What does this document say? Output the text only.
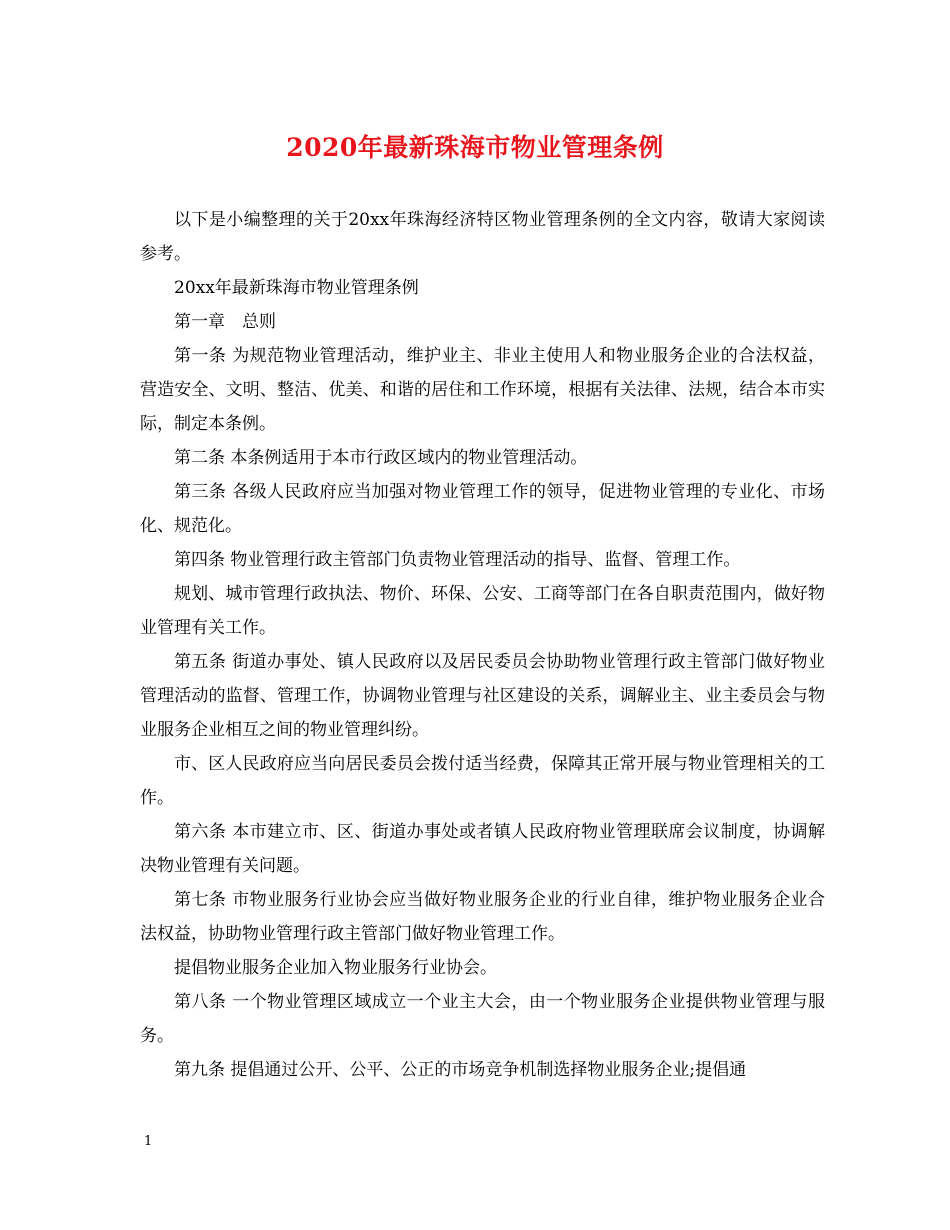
2020年最新珠海市物业管理条例

以下是小编整理的关于20xx年珠海经济特区物业管理条例的全文内容，敬请大家阅读参考。

20xx年最新珠海市物业管理条例

第一章　总则

第一条 为规范物业管理活动，维护业主、非业主使用人和物业服务企业的合法权益，营造安全、文明、整洁、优美、和谐的居住和工作环境，根据有关法律、法规，结合本市实际，制定本条例。

第二条 本条例适用于本市行政区域内的物业管理活动。

第三条 各级人民政府应当加强对物业管理工作的领导，促进物业管理的专业化、市场化、规范化。

第四条 物业管理行政主管部门负责物业管理活动的指导、监督、管理工作。

规划、城市管理行政执法、物价、环保、公安、工商等部门在各自职责范围内，做好物业管理有关工作。

第五条 街道办事处、镇人民政府以及居民委员会协助物业管理行政主管部门做好物业管理活动的监督、管理工作，协调物业管理与社区建设的关系，调解业主、业主委员会与物业服务企业相互之间的物业管理纠纷。

市、区人民政府应当向居民委员会拨付适当经费，保障其正常开展与物业管理相关的工作。

第六条 本市建立市、区、街道办事处或者镇人民政府物业管理联席会议制度，协调解决物业管理有关问题。

第七条 市物业服务行业协会应当做好物业服务企业的行业自律，维护物业服务企业合法权益，协助物业管理行政主管部门做好物业管理工作。

提倡物业服务企业加入物业服务行业协会。

第八条 一个物业管理区域成立一个业主大会，由一个物业服务企业提供物业管理与服务。

第九条 提倡通过公开、公平、公正的市场竞争机制选择物业服务企业;提倡通

1
